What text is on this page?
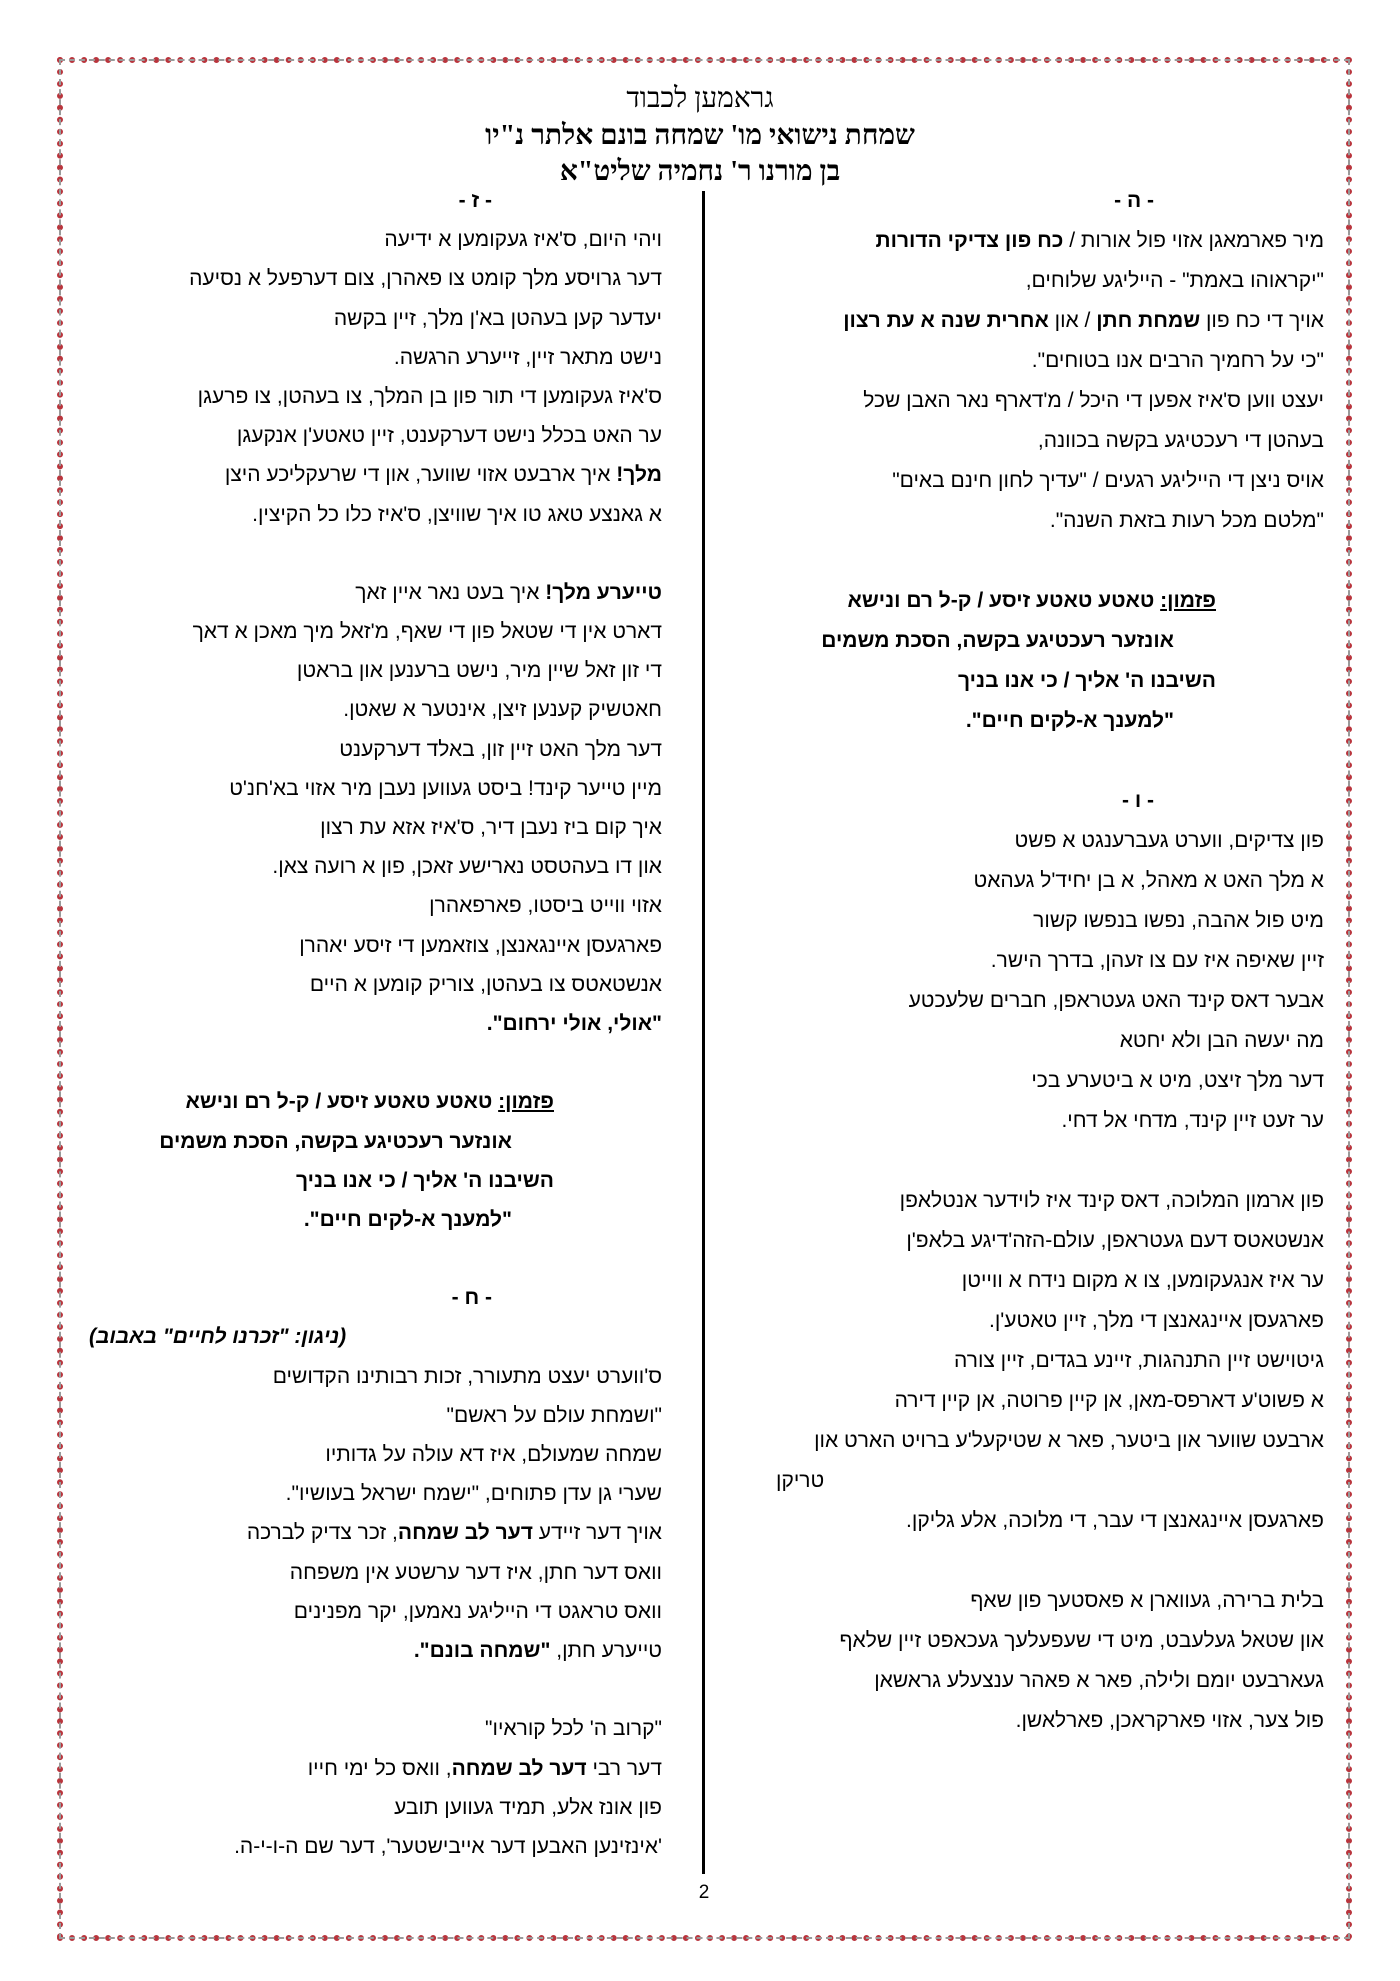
גראמען לכבוד
שמחת נישואי מו' שמחה בונם אלתר נ"יו
בן מורנו ר' נחמיה שליט"א
- ה -
מיר פארמאגן אזוי פול אורות / כח פון צדיקי הדורות
"יקראוהו באמת" - הייליגע שלוחים,
אויך די כח פון שמחת חתן / און אחרית שנה א עת רצון
"כי על רחמיך הרבים אנו בטוחים".
יעצט ווען ס'איז אפען די היכל / מ'דארף נאר האבן שכל
בעהטן די רעכטיגע בקשה בכוונה,
אויס ניצן די הייליגע רגעים / "עדיך לחון חינם באים"
"מלטם מכל רעות בזאת השנה".
פזמון: טאטע טאטע זיסע / ק-ל רם ונישא
אונזער רעכטיגע בקשה, הסכת משמים
השיבנו ה' אליך / כי אנו בניך
"למענך א-לקים חיים".
- ו -
פון צדיקים, ווערט געברענגט א פשט
א מלך האט א מאהל, א בן יחיד'ל געהאט
מיט פול אהבה, נפשו בנפשו קשור
זיין שאיפה איז עם צו זעהן, בדרך הישר.
אבער דאס קינד האט געטראפן, חברים שלעכטע
מה יעשה הבן ולא יחטא
דער מלך זיצט, מיט א ביטערע בכי
ער זעט זיין קינד, מדחי אל דחי.
פון ארמון המלוכה, דאס קינד איז לוידער אנטלאפן
אנשטאטס דעם געטראפן, עולם-הזה'דיגע בלאפ'ן
ער איז אנגעקומען, צו א מקום נידח א ווייטן
פארגעסן איינגאנצן די מלך, זיין טאטע'ן.
גיטוישט זיין התנהגות, זיינע בגדים, זיין צורה
א פשוט'ע דארפס-מאן, אן קיין פרוטה, אן קיין דירה
ארבעט שווער און ביטער, פאר א שטיקעל'ע ברויט הארט און
טריקן
פארגעסן איינגאנצן די עבר, די מלוכה, אלע גליקן.
בלית ברירה, געווארן א פאסטעך פון שאף
און שטאל געלעבט, מיט די שעפעלעך געכאפט זיין שלאף
געארבעט יומם ולילה, פאר א פאהר ענצעלע גראשאן
פול צער, אזוי פארקראכן, פארלאשן.
- ז -
ויהי היום, ס'איז געקומען א ידיעה
דער גרויסע מלך קומט צו פאהרן, צום דערפעל א נסיעה
יעדער קען בעהטן בא'ן מלך, זיין בקשה
נישט מתאר זיין, זייערע הרגשה.
ס'איז געקומען די תור פון בן המלך, צו בעהטן, צו פרעגן
ער האט בכלל נישט דערקענט, זיין טאטע'ן אנקעגן
מלך! איך ארבעט אזוי שווער, און די שרעקליכע היצן
א גאנצע טאג טו איך שוויצן, ס'איז כלו כל הקיצין.
טייערע מלך! איך בעט נאר איין זאך
דארט אין די שטאל פון די שאף, מ'זאל מיך מאכן א דאך
די זון זאל שיין מיר, נישט ברענען און בראטן
חאטשיק קענען זיצן, אינטער א שאטן.
דער מלך האט זיין זון, באלד דערקענט
מיין טייער קינד! ביסט געווען נעבן מיר אזוי בא'חנ'ט
איך קום ביז נעבן דיר, ס'איז אזא עת רצון
און דו בעהטסט נארישע זאכן, פון א רועה צאן.
אזוי ווייט ביסטו, פארפאהרן
פארגעסן איינגאנצן, צוזאמען די זיסע יאהרן
אנשטאטס צו בעהטן, צוריק קומען א היים
"אולי, אולי ירחום".
פזמון: טאטע טאטע זיסע / ק-ל רם ונישא
אונזער רעכטיגע בקשה, הסכת משמים
השיבנו ה' אליך / כי אנו בניך
"למענך א-לקים חיים".
- ח -
(ניגון: "זכרנו לחיים" באבוב)
ס'ווערט יעצט מתעורר, זכות רבותינו הקדושים
"ושמחת עולם על ראשם"
שמחה שמעולם, איז דא עולה על גדותיו
שערי גן עדן פתוחים, "ישמח ישראל בעושיו".
אויך דער זיידע דער לב שמחה, זכר צדיק לברכה
וואס דער חתן, איז דער ערשטע אין משפחה
וואס טראגט די הייליגע נאמען, יקר מפנינים
טייערע חתן, "שמחה בונם".
"קרוב ה' לכל קוראיו"
דער רבי דער לב שמחה, וואס כל ימי חייו
פון אונז אלע, תמיד געווען תובע
'אינזינען האבען דער אייבישטער', דער שם ה-ו-י-ה.
2
